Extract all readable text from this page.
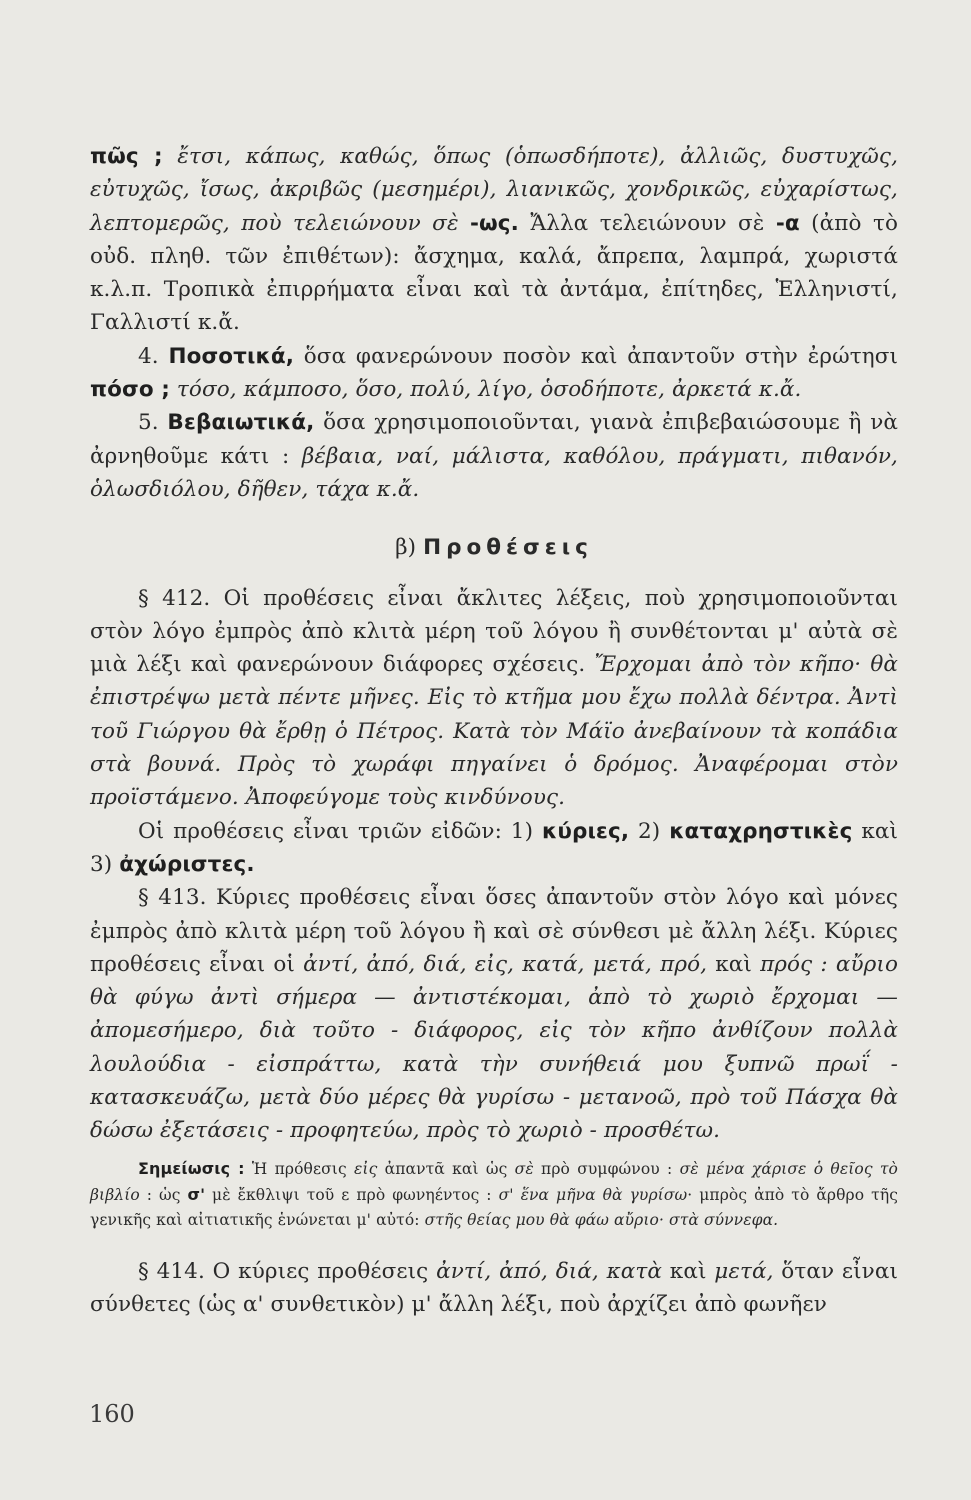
πῶς ; ἔτσι, κάπως, καθώς, ὅπως (ὁπωσδήποτε), ἀλλιῶς, δυστυχῶς, εὐτυχῶς, ἴσως, ἀκριβῶς (μεσημέρι), λιανικῶς, χονδρικῶς, εὐχαρίστως, λεπτομερῶς, ποὺ τελειώνουν σὲ -ως. Ἄλλα τελειώνουν σὲ -α (ἀπὸ τὸ οὐδ. πληθ. τῶν ἐπιθέτων): ἄσχημα, καλά, ἄπρεπα, λαμπρά, χωριστά κ.λ.π. Τροπικὰ ἐπιρρήματα εἶναι καὶ τὰ ἀντάμα, ἐπίτηδες, Ἑλληνιστί, Γαλλιστί κ.ἄ.

4. Ποσοτικά, ὅσα φανερώνουν ποσὸν καὶ ἀπαντοῦν στὴν ἐρώτησι πόσο ; τόσο, κάμποσο, ὅσο, πολύ, λίγο, ὁσοδήποτε, ἀρκετά κ.ἄ.

5. Βεβαιωτικά, ὅσα χρησιμοποιοῦνται, γιανὰ ἐπιβεβαιώσουμε ἢ νὰ ἀρνηθοῦμε κάτι : βέβαια, ναί, μάλιστα, καθόλου, πράγματι, πιθανόν, ὁλωσδιόλου, δῆθεν, τάχα κ.ἄ.

β) Προθέσεις

§ 412. Οἱ προθέσεις εἶναι ἄκλιτες λέξεις, ποὺ χρησιμοποιοῦνται στὸν λόγο ἐμπρὸς ἀπὸ κλιτὰ μέρη τοῦ λόγου ἢ συνθέτονται μ' αὐτὰ σὲ μιὰ λέξι καὶ φανερώνουν διάφορες σχέσεις. Ἔρχομαι ἀπὸ τὸν κῆπο· θὰ ἐπιστρέψω μετὰ πέντε μῆνες. Εἰς τὸ κτῆμα μου ἔχω πολλὰ δέντρα. Ἀντὶ τοῦ Γιώργου θὰ ἔρθῃ ὁ Πέτρος. Κατὰ τὸν Μάϊο ἀνεβαίνουν τὰ κοπάδια στὰ βουνά. Πρὸς τὸ χωράφι πηγαίνει ὁ δρόμος. Ἀναφέρομαι στὸν προϊστάμενο. Ἀποφεύγομε τοὺς κινδύνους.

Οἱ προθέσεις εἶναι τριῶν εἰδῶν: 1) κύριες, 2) καταχρηστικὲς καὶ 3) ἀχώριστες.

§ 413. Κύριες προθέσεις εἶναι ὅσες ἀπαντοῦν στὸν λόγο καὶ μόνες ἐμπρὸς ἀπὸ κλιτὰ μέρη τοῦ λόγου ἢ καὶ σὲ σύνθεσι μὲ ἄλλη λέξι. Κύριες προθέσεις εἶναι οἱ ἀντί, ἀπό, διά, εἰς, κατά, μετά, πρό, καὶ πρός : αὔριο θὰ φύγω ἀντὶ σήμερα — ἀντιστέκομαι, ἀπὸ τὸ χωριὸ ἔρχομαι — ἀπομεσήμερο, διὰ τοῦτο - διάφορος, εἰς τὸν κῆπο ἀνθίζουν πολλὰ λουλούδια - εἰσπράττω, κατὰ τὴν συνήθειά μου ξυπνῶ πρωΐ - κατασκευάζω, μετὰ δύο μέρες θὰ γυρίσω - μετανοῶ, πρὸ τοῦ Πάσχα θὰ δώσω ἐξετάσεις - προφητεύω, πρὸς τὸ χωριὸ - προσθέτω.

Σημείωσις : Ἡ πρόθεσις εἰς ἀπαντᾶ καὶ ὡς σὲ πρὸ συμφώνου : σὲ μένα χάρισε ὁ θεῖος τὸ βιβλίο : ὡς σ' μὲ ἔκθλιψι τοῦ ε πρὸ φωνηέντος : σ' ἕνα μῆνα θὰ γυρίσω· μπρὸς ἀπὸ τὸ ἄρθρο τῆς γενικῆς καὶ αἰτιατικῆς ἑνώνεται μ' αὐτό: στῆς θείας μου θὰ φάω αὔριο· στὰ σύννεφα.

§ 414. Ο κύριες προθέσεις ἀντί, ἀπό, διά, κατὰ καὶ μετά, ὅταν εἶναι σύνθετες (ὡς α' συνθετικὸν) μ' ἄλλη λέξι, ποὺ ἀρχίζει ἀπὸ φωνῆεν

160
